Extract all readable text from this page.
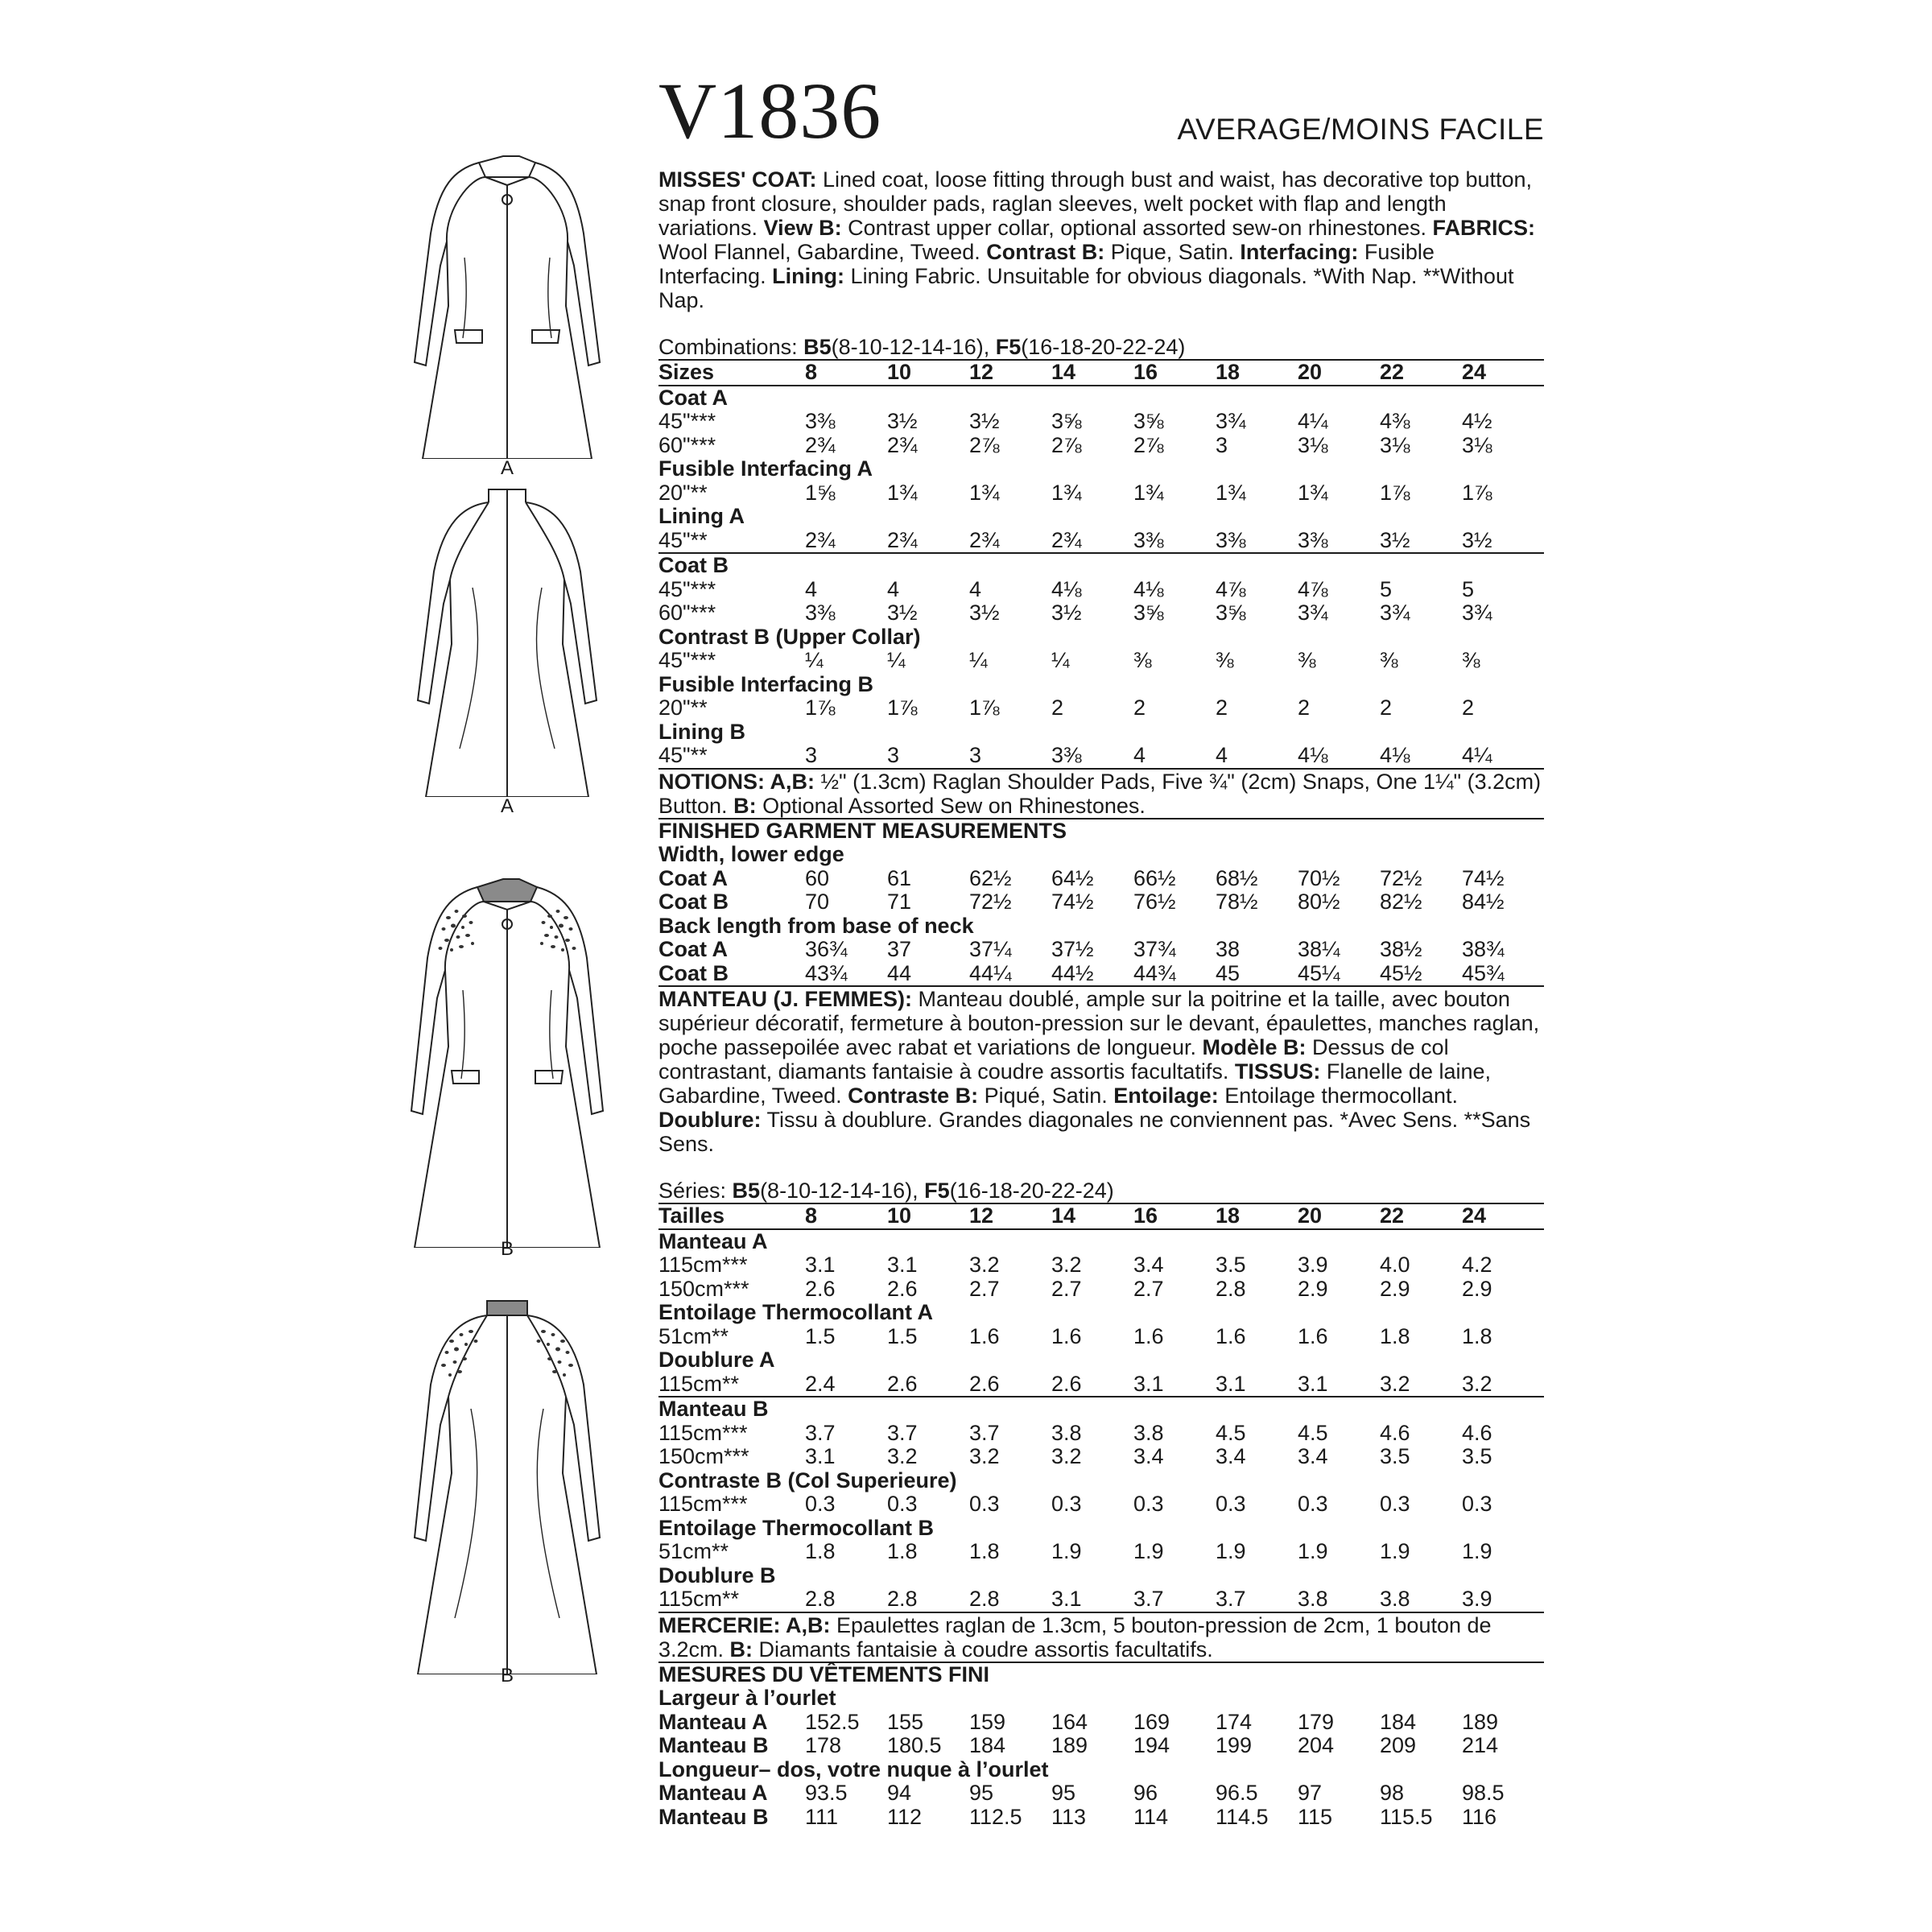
A
A
B
B
V1836	AVERAGE/MOINS FACILE
MISSES' COAT: Lined coat, loose fitting through bust and waist, has decorative top button, snap front closure, shoulder pads, raglan sleeves, welt pocket with flap and length variations. View B: Contrast upper collar, optional assorted sew-on rhinestones. FABRICS: Wool Flannel, Gabardine, Tweed. Contrast B: Pique, Satin. Interfacing: Fusible Interfacing. Lining: Lining Fabric. Unsuitable for obvious diagonals. *With Nap. **Without Nap.
Combinations: B5(8-10-12-14-16), F5(16-18-20-22-24)
Sizes	8	10	12	14	16	18	20	22	24
Coat A									
45"***	3⅜	3½	3½	3⅝	3⅝	3¾	4¼	4⅜	4½
60"***	2¾	2¾	2⅞	2⅞	2⅞	3	3⅛	3⅛	3⅛
Fusible Interfacing A									
20"**	1⅝	1¾	1¾	1¾	1¾	1¾	1¾	1⅞	1⅞
Lining A									
45"**	2¾	2¾	2¾	2¾	3⅜	3⅜	3⅜	3½	3½
Coat B									
45"***	4	4	4	4⅛	4⅛	4⅞	4⅞	5	5
60"***	3⅜	3½	3½	3½	3⅝	3⅝	3¾	3¾	3¾
Contrast B (Upper Collar)									
45"***	¼	¼	¼	¼	⅜	⅜	⅜	⅜	⅜
Fusible Interfacing B									
20"**	1⅞	1⅞	1⅞	2	2	2	2	2	2
Lining B									
45"**	3	3	3	3⅜	4	4	4⅛	4⅛	4¼
NOTIONS: A,B: ½" (1.3cm) Raglan Shoulder Pads, Five ¾" (2cm) Snaps, One 1¼" (3.2cm) Button. B: Optional Assorted Sew on Rhinestones.
FINISHED GARMENT MEASUREMENTS									
Width, lower edge									
Coat A	60	61	62½	64½	66½	68½	70½	72½	74½
Coat B	70	71	72½	74½	76½	78½	80½	82½	84½
Back length from base of neck									
Coat A	36¾	37	37¼	37½	37¾	38	38¼	38½	38¾
Coat B	43¾	44	44¼	44½	44¾	45	45¼	45½	45¾
MANTEAU (J. FEMMES): Manteau doublé, ample sur la poitrine et la taille, avec bouton supérieur décoratif, fermeture à bouton-pression sur le devant, épaulettes, manches raglan, poche passepoilée avec rabat et variations de longueur. Modèle B: Dessus de col contrastant, diamants fantaisie à coudre assortis facultatifs. TISSUS: Flanelle de laine, Gabardine, Tweed. Contraste B: Piqué, Satin. Entoilage: Entoilage thermocollant. Doublure: Tissu à doublure. Grandes diagonales ne conviennent pas. *Avec Sens. **Sans Sens.
Séries: B5(8-10-12-14-16), F5(16-18-20-22-24)
Tailles	8	10	12	14	16	18	20	22	24
Manteau A									
115cm***	3.1	3.1	3.2	3.2	3.4	3.5	3.9	4.0	4.2
150cm***	2.6	2.6	2.7	2.7	2.7	2.8	2.9	2.9	2.9
Entoilage Thermocollant A									
51cm**	1.5	1.5	1.6	1.6	1.6	1.6	1.6	1.8	1.8
Doublure A									
115cm**	2.4	2.6	2.6	2.6	3.1	3.1	3.1	3.2	3.2
Manteau B									
115cm***	3.7	3.7	3.7	3.8	3.8	4.5	4.5	4.6	4.6
150cm***	3.1	3.2	3.2	3.2	3.4	3.4	3.4	3.5	3.5
Contraste B (Col Superieure)									
115cm***	0.3	0.3	0.3	0.3	0.3	0.3	0.3	0.3	0.3
Entoilage Thermocollant B									
51cm**	1.8	1.8	1.8	1.9	1.9	1.9	1.9	1.9	1.9
Doublure B									
115cm**	2.8	2.8	2.8	3.1	3.7	3.7	3.8	3.8	3.9
MERCERIE: A,B: Epaulettes raglan de 1.3cm, 5 bouton-pression de 2cm, 1 bouton de 3.2cm. B: Diamants fantaisie à coudre assortis facultatifs.
MESURES DU VÊTEMENTS FINI									
Largeur à l’ourlet									
Manteau A	152.5	155	159	164	169	174	179	184	189
Manteau B	178	180.5	184	189	194	199	204	209	214
Longueur– dos, votre nuque à l’ourlet									
Manteau A	93.5	94	95	95	96	96.5	97	98	98.5
Manteau B	111	112	112.5	113	114	114.5	115	115.5	116
